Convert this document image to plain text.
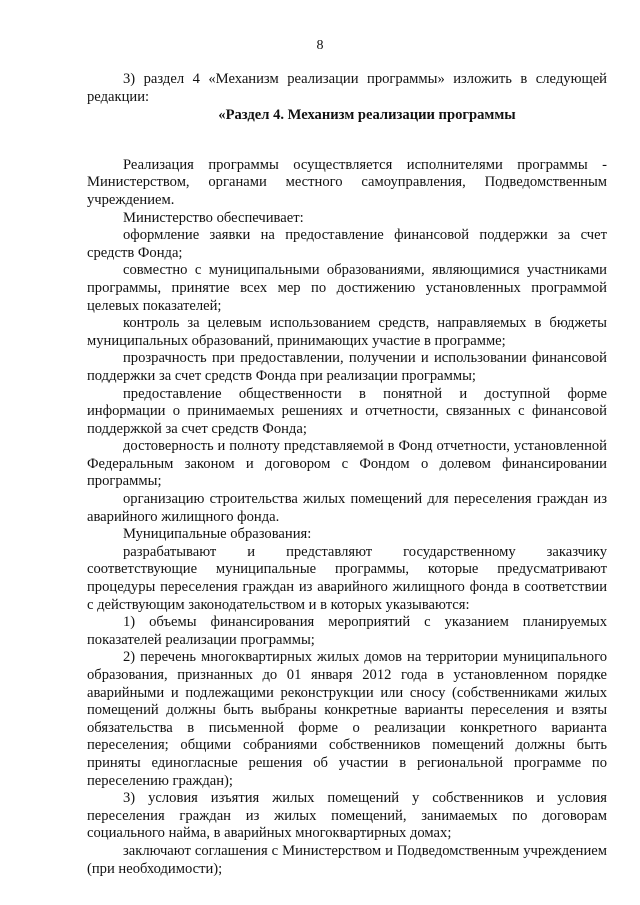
8

3) раздел 4 «Механизм реализации программы» изложить в следующей редакции:

«Раздел 4. Механизм реализации программы

Реализация программы осуществляется исполнителями программы - Министерством, органами местного самоуправления, Подведомственным учреждением.

Министерство обеспечивает:

оформление заявки на предоставление финансовой поддержки за счет средств Фонда;

совместно с муниципальными образованиями, являющимися участниками программы, принятие всех мер по достижению установленных программой целевых показателей;

контроль за целевым использованием средств, направляемых в бюджеты муниципальных образований, принимающих участие в программе;

прозрачность при предоставлении, получении и использовании финансовой поддержки за счет средств Фонда при реализации программы;

предоставление общественности в понятной и доступной форме информации о принимаемых решениях и отчетности, связанных с финансовой поддержкой за счет средств Фонда;

достоверность и полноту представляемой в Фонд отчетности, установленной Федеральным законом и договором с Фондом о долевом финансировании программы;

организацию строительства жилых помещений для переселения граждан из аварийного жилищного фонда.

Муниципальные образования:

разрабатывают и представляют государственному заказчику соответствующие муниципальные программы, которые предусматривают процедуры переселения граждан из аварийного жилищного фонда в соответствии с действующим законодательством и в которых указываются:

1) объемы финансирования мероприятий с указанием планируемых показателей реализации программы;

2) перечень многоквартирных жилых домов на территории муниципального образования, признанных до 01 января 2012 года в установленном порядке аварийными и подлежащими реконструкции или сносу (собственниками жилых помещений должны быть выбраны конкретные варианты переселения и взяты обязательства в письменной форме о реализации конкретного варианта переселения; общими собраниями собственников помещений должны быть приняты единогласные решения об участии в региональной программе по переселению граждан);

3) условия изъятия жилых помещений у собственников и условия переселения граждан из жилых помещений, занимаемых по договорам социального найма, в аварийных многоквартирных домах;

заключают соглашения с Министерством и Подведомственным учреждением (при необходимости);
